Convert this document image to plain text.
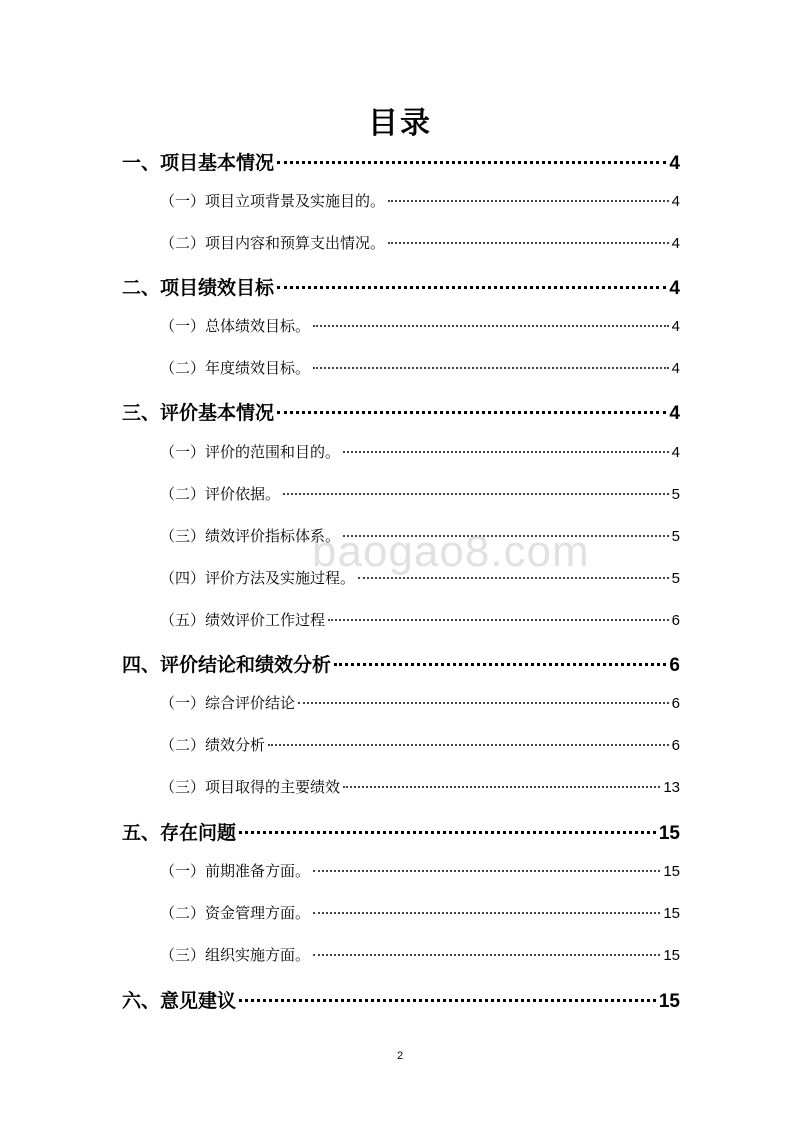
目录
一、项目基本情况	4
（一）项目立项背景及实施目的。	4
（二）项目内容和预算支出情况。	4
二、项目绩效目标	4
（一）总体绩效目标。	4
（二）年度绩效目标。	4
三、评价基本情况	4
（一）评价的范围和目的。	4
（二）评价依据。	5
（三）绩效评价指标体系。	5
（四）评价方法及实施过程。	5
（五）绩效评价工作过程	6
四、评价结论和绩效分析	6
（一）综合评价结论	6
（二）绩效分析	6
（三）项目取得的主要绩效	13
五、存在问题	15
（一）前期准备方面。	15
（二）资金管理方面。	15
（三）组织实施方面。	15
六、意见建议	15
baogao8.com
2
